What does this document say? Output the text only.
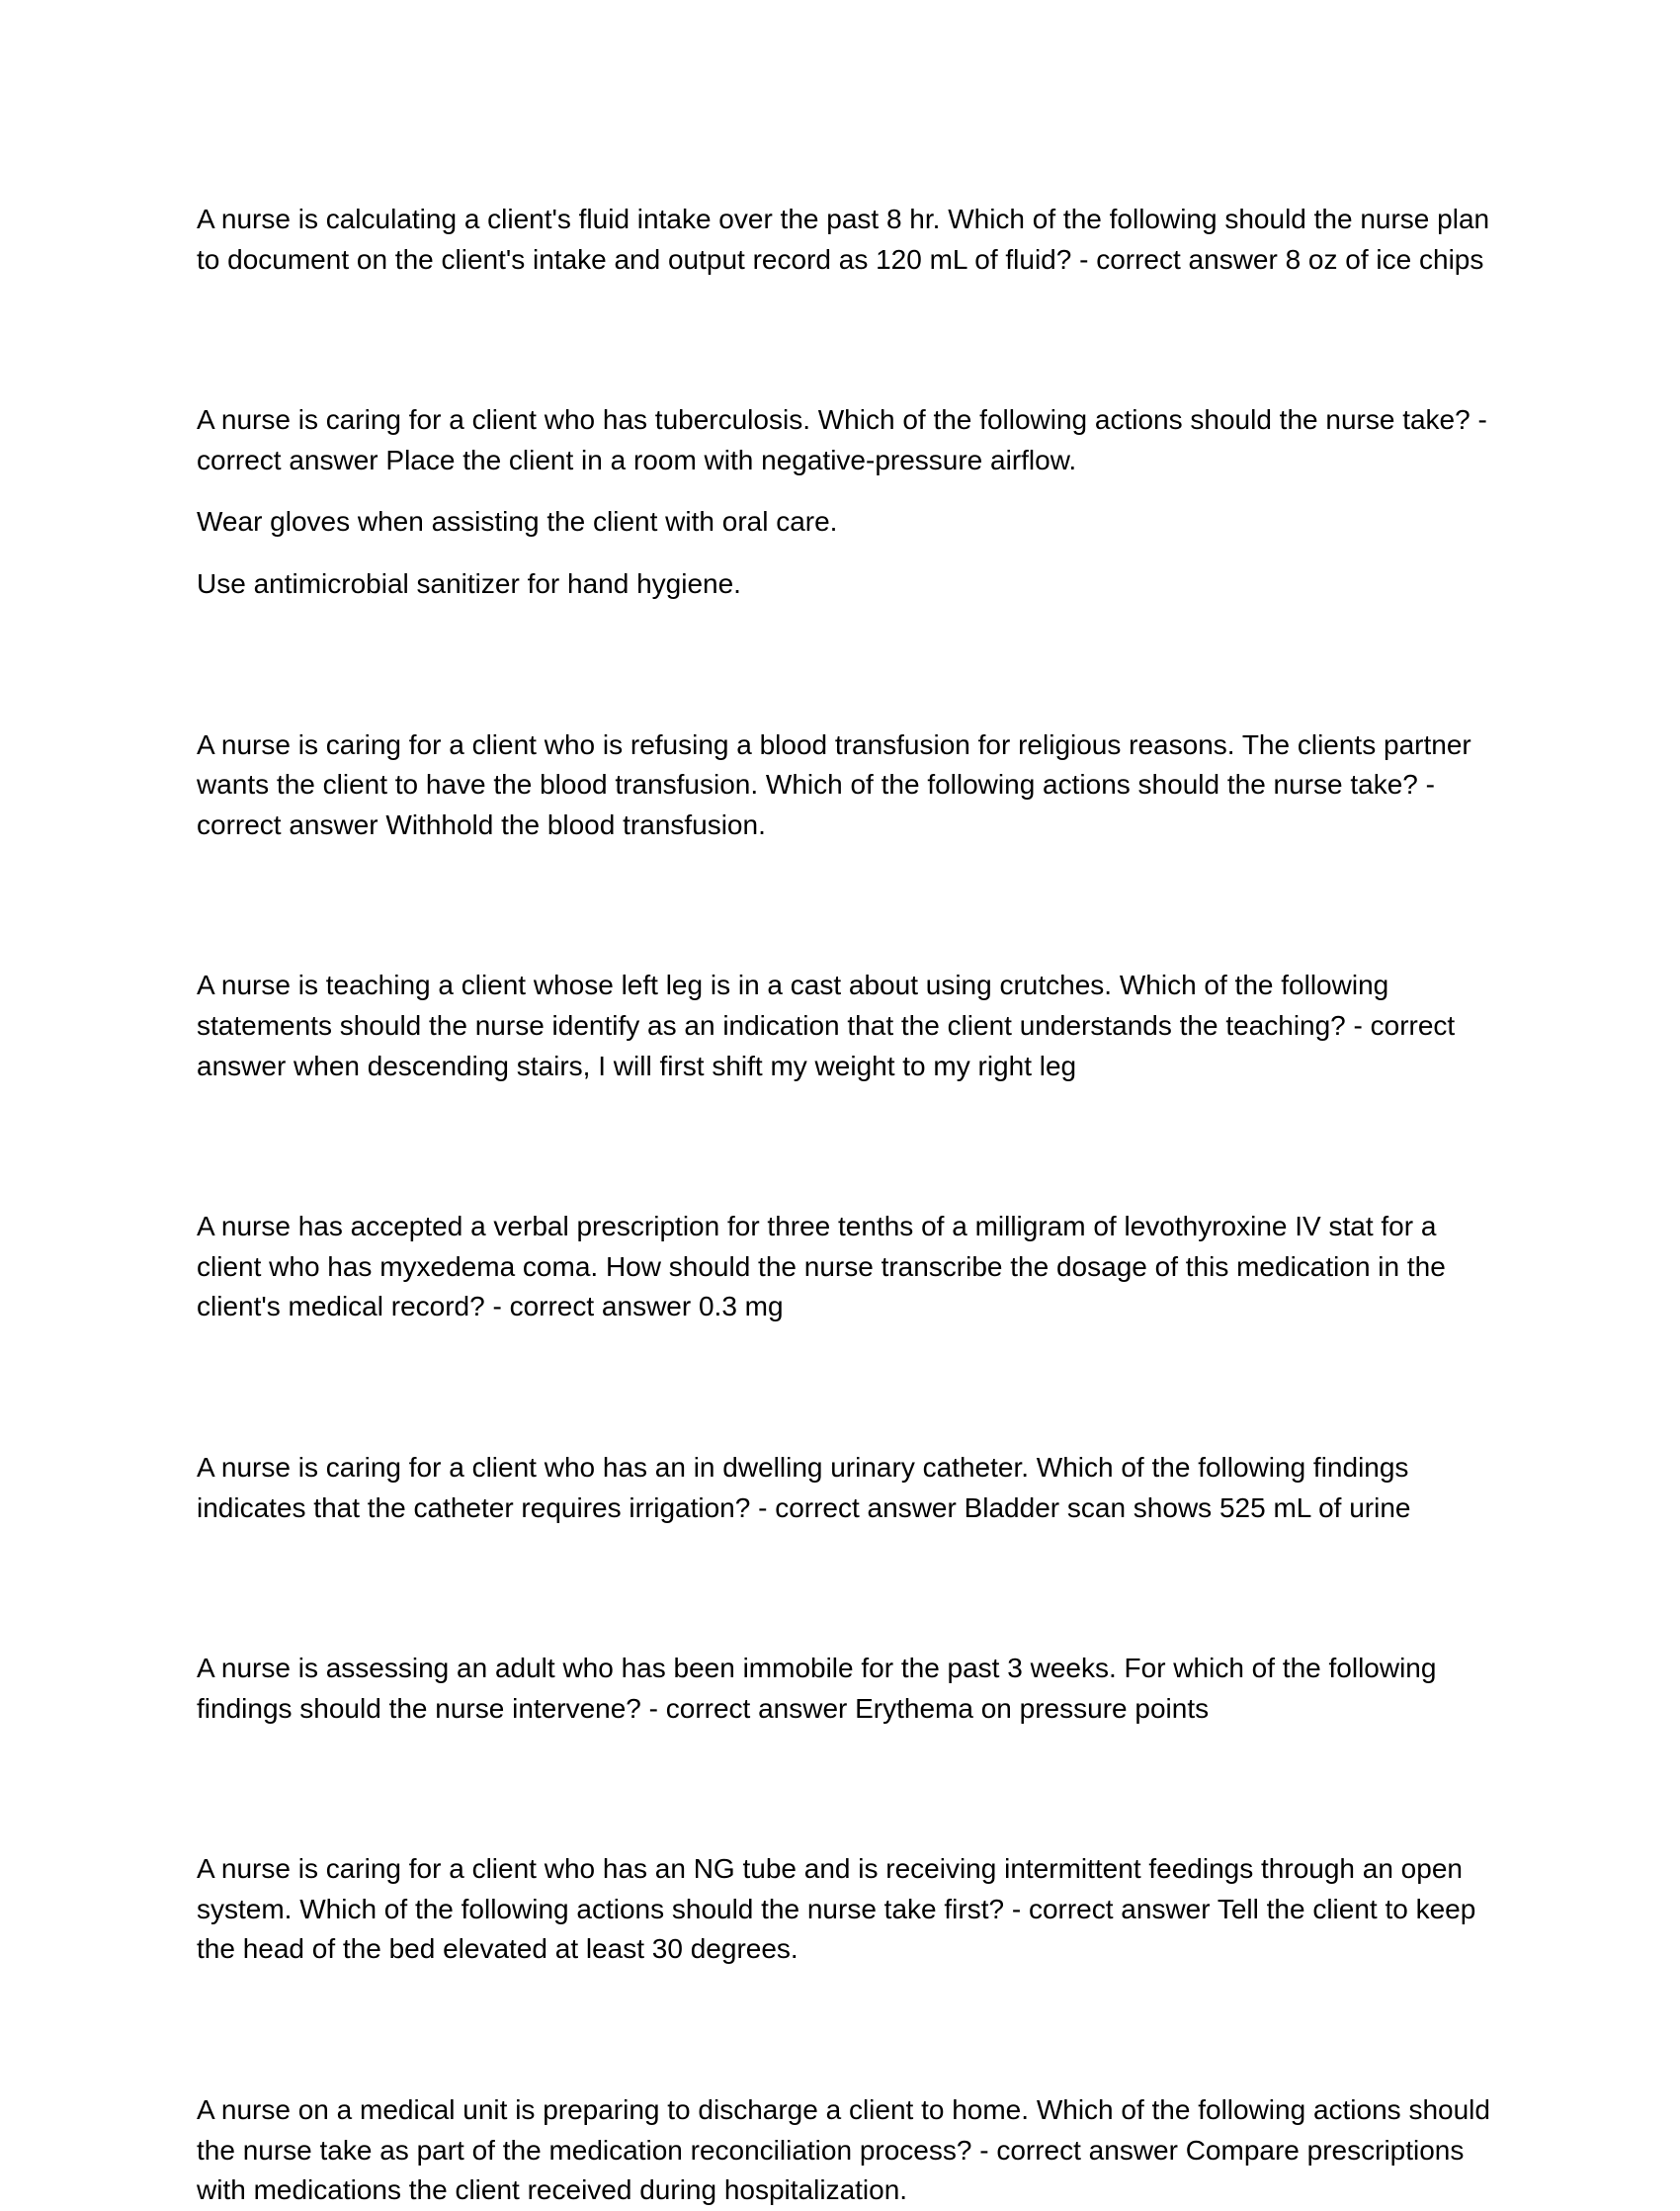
A nurse is calculating a client's fluid intake over the past 8 hr. Which of the following should the nurse plan to document on the client's intake and output record as 120 mL of fluid? - correct answer 8 oz of ice chips

A nurse is caring for a client who has tuberculosis. Which of the following actions should the nurse take? - correct answer Place the client in a room with negative-pressure airflow.

Wear gloves when assisting the client with oral care.

Use antimicrobial sanitizer for hand hygiene.

A nurse is caring for a client who is refusing a blood transfusion for religious reasons. The clients partner wants the client to have the blood transfusion. Which of the following actions should the nurse take? - correct answer Withhold the blood transfusion.

A nurse is teaching a client whose left leg is in a cast about using crutches. Which of the following statements should the nurse identify as an indication that the client understands the teaching? - correct answer when descending stairs, I will first shift my weight to my right leg

A nurse has accepted a verbal prescription for three tenths of a milligram of levothyroxine IV stat for a client who has myxedema coma. How should the nurse transcribe the dosage of this medication in the client's medical record? - correct answer 0.3 mg

A nurse is caring for a client who has an in dwelling urinary catheter. Which of the following findings indicates that the catheter requires irrigation? - correct answer Bladder scan shows 525 mL of urine

A nurse is assessing an adult who has been immobile for the past 3 weeks. For which of the following findings should the nurse intervene? - correct answer Erythema on pressure points

A nurse is caring for a client who has an NG tube and is receiving intermittent feedings through an open system. Which of the following actions should the nurse take first? - correct answer Tell the client to keep the head of the bed elevated at least 30 degrees.

A nurse on a medical unit is preparing to discharge a client to home. Which of the following actions should the nurse take as part of the medication reconciliation process? - correct answer Compare prescriptions with medications the client received during hospitalization.
